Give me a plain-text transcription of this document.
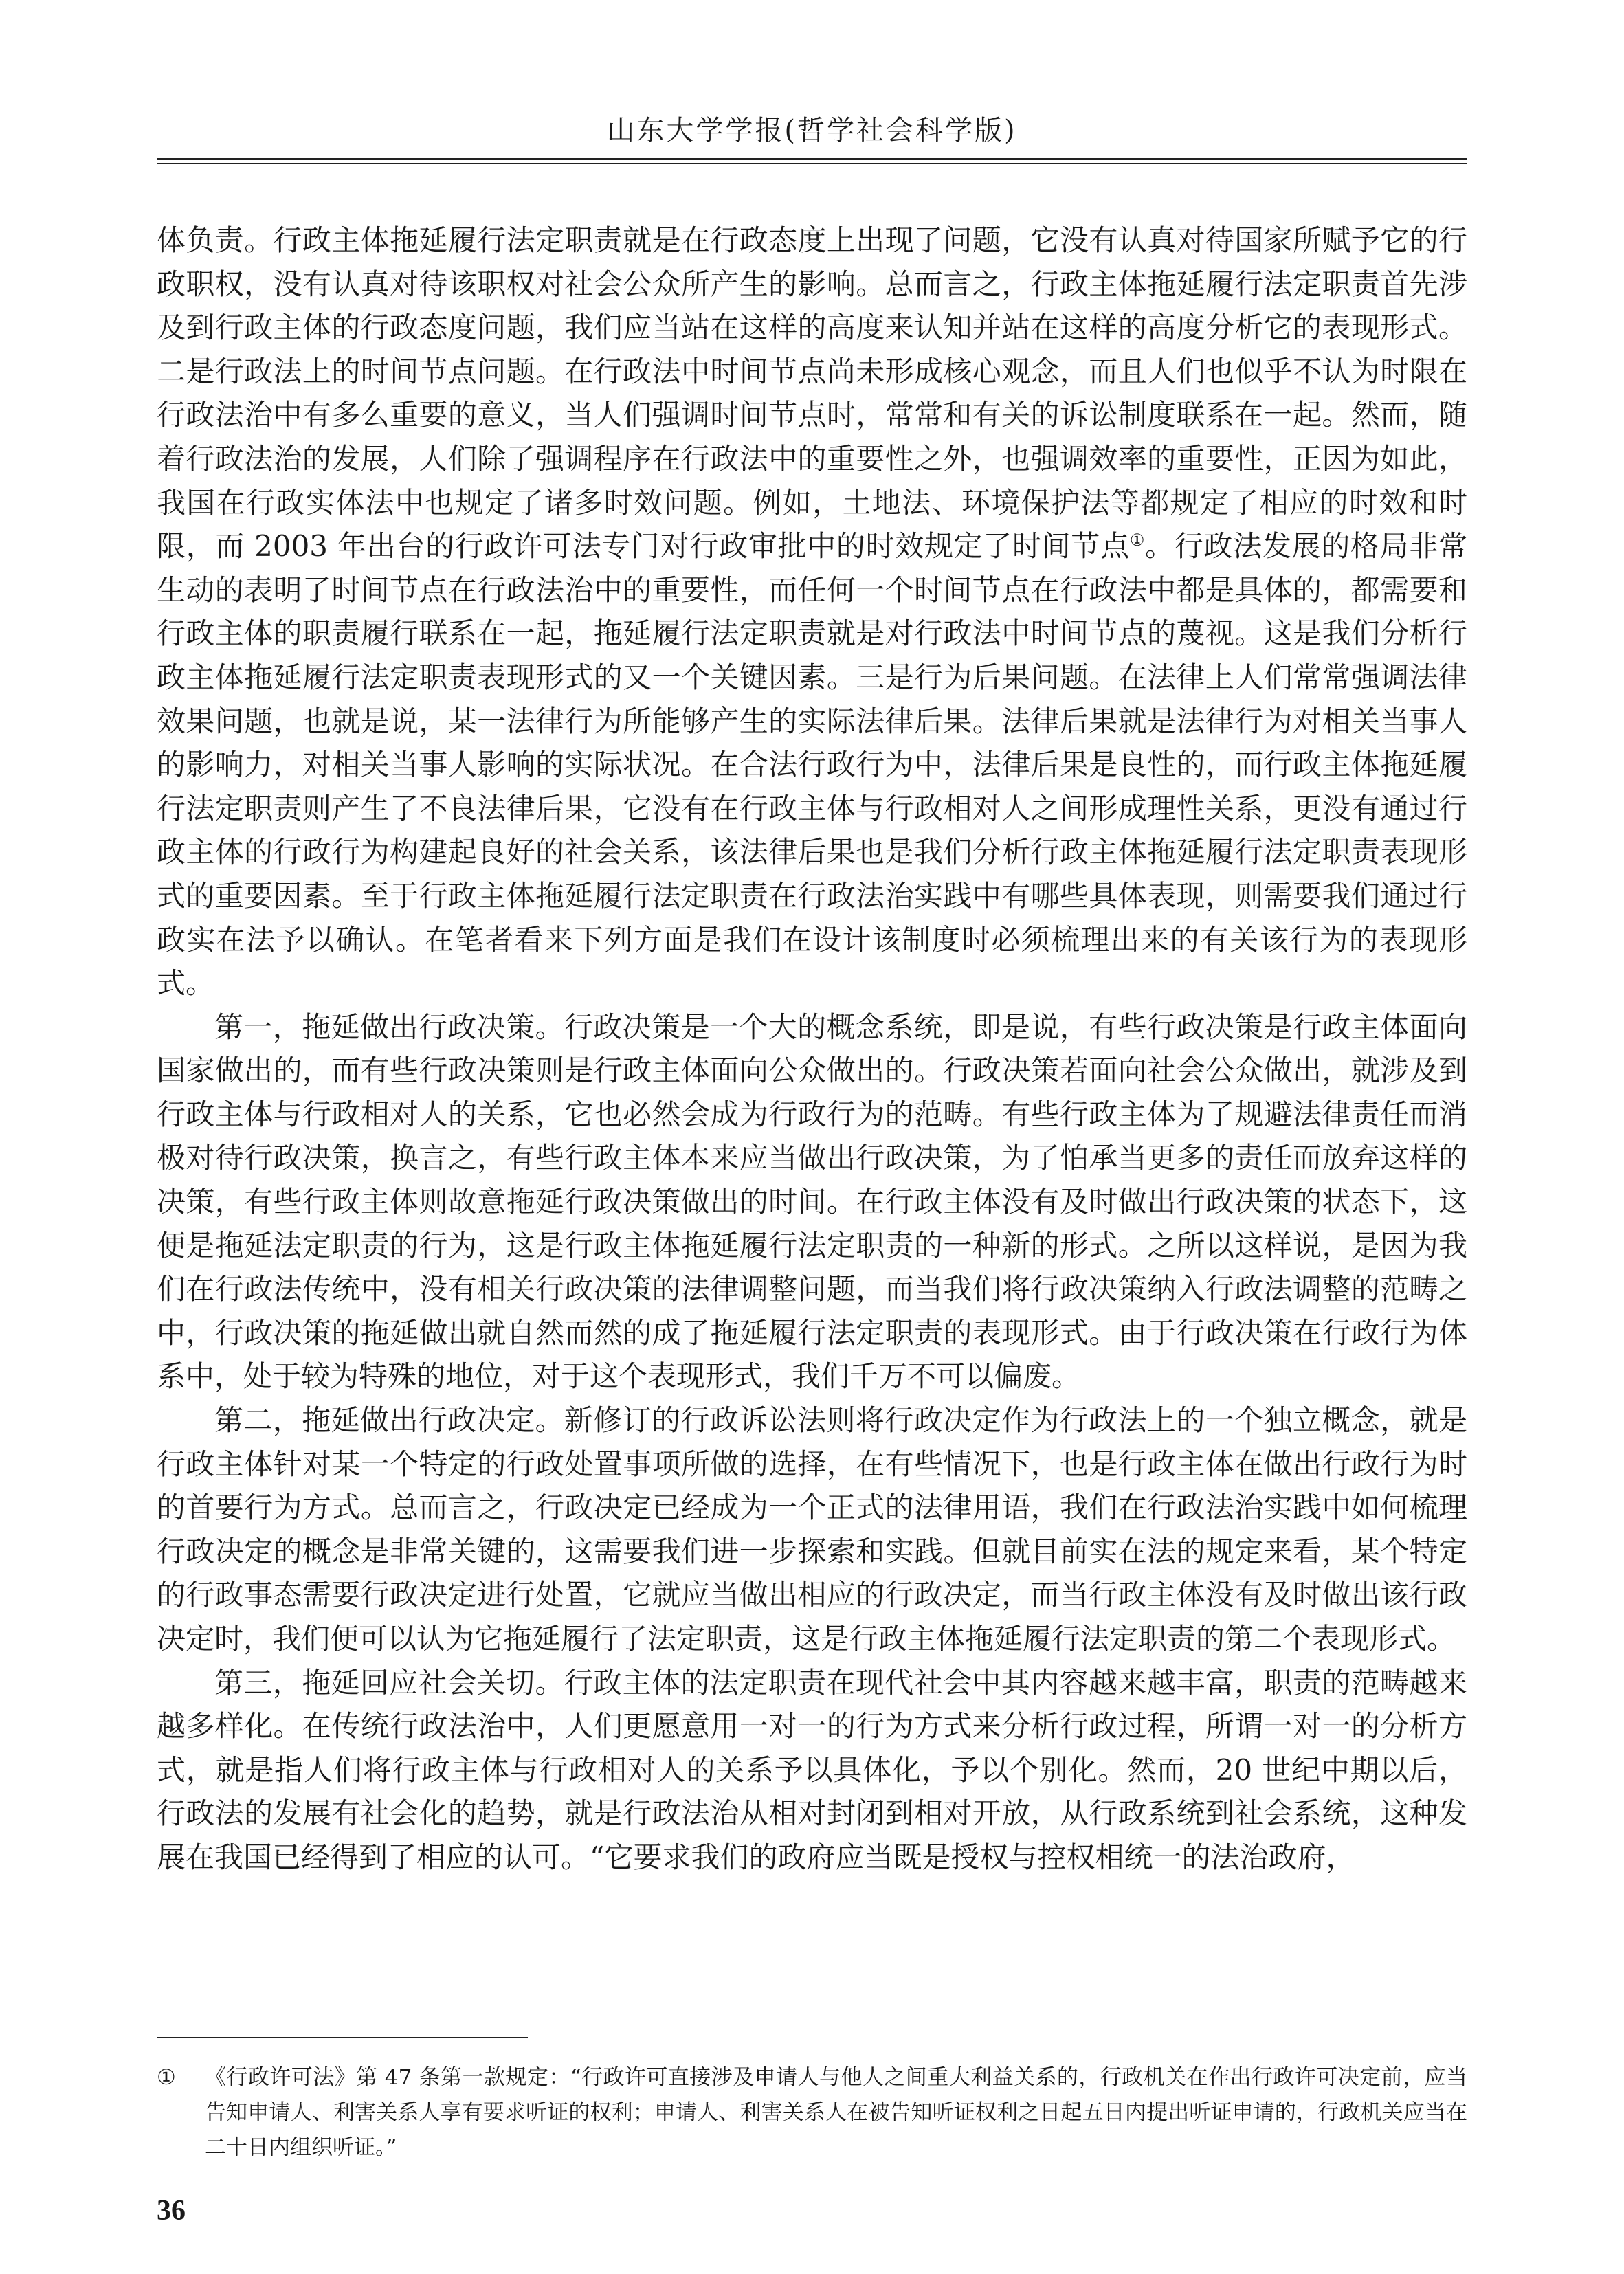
山东大学学报(哲学社会科学版)

体负责。行政主体拖延履行法定职责就是在行政态度上出现了问题，它没有认真对待国家所赋予它的行政职权，没有认真对待该职权对社会公众所产生的影响。总而言之，行政主体拖延履行法定职责首先涉及到行政主体的行政态度问题，我们应当站在这样的高度来认知并站在这样的高度分析它的表现形式。二是行政法上的时间节点问题。在行政法中时间节点尚未形成核心观念，而且人们也似乎不认为时限在行政法治中有多么重要的意义，当人们强调时间节点时，常常和有关的诉讼制度联系在一起。然而，随着行政法治的发展，人们除了强调程序在行政法中的重要性之外，也强调效率的重要性，正因为如此，我国在行政实体法中也规定了诸多时效问题。例如，土地法、环境保护法等都规定了相应的时效和时限，而 2003 年出台的行政许可法专门对行政审批中的时效规定了时间节点①。行政法发展的格局非常生动的表明了时间节点在行政法治中的重要性，而任何一个时间节点在行政法中都是具体的，都需要和行政主体的职责履行联系在一起，拖延履行法定职责就是对行政法中时间节点的蔑视。这是我们分析行政主体拖延履行法定职责表现形式的又一个关键因素。三是行为后果问题。在法律上人们常常强调法律效果问题，也就是说，某一法律行为所能够产生的实际法律后果。法律后果就是法律行为对相关当事人的影响力，对相关当事人影响的实际状况。在合法行政行为中，法律后果是良性的，而行政主体拖延履行法定职责则产生了不良法律后果，它没有在行政主体与行政相对人之间形成理性关系，更没有通过行政主体的行政行为构建起良好的社会关系，该法律后果也是我们分析行政主体拖延履行法定职责表现形式的重要因素。至于行政主体拖延履行法定职责在行政法治实践中有哪些具体表现，则需要我们通过行政实在法予以确认。在笔者看来下列方面是我们在设计该制度时必须梳理出来的有关该行为的表现形式。

第一，拖延做出行政决策。行政决策是一个大的概念系统，即是说，有些行政决策是行政主体面向国家做出的，而有些行政决策则是行政主体面向公众做出的。行政决策若面向社会公众做出，就涉及到行政主体与行政相对人的关系，它也必然会成为行政行为的范畴。有些行政主体为了规避法律责任而消极对待行政决策，换言之，有些行政主体本来应当做出行政决策，为了怕承当更多的责任而放弃这样的决策，有些行政主体则故意拖延行政决策做出的时间。在行政主体没有及时做出行政决策的状态下，这便是拖延法定职责的行为，这是行政主体拖延履行法定职责的一种新的形式。之所以这样说，是因为我们在行政法传统中，没有相关行政决策的法律调整问题，而当我们将行政决策纳入行政法调整的范畴之中，行政决策的拖延做出就自然而然的成了拖延履行法定职责的表现形式。由于行政决策在行政行为体系中，处于较为特殊的地位，对于这个表现形式，我们千万不可以偏废。

第二，拖延做出行政决定。新修订的行政诉讼法则将行政决定作为行政法上的一个独立概念，就是行政主体针对某一个特定的行政处置事项所做的选择，在有些情况下，也是行政主体在做出行政行为时的首要行为方式。总而言之，行政决定已经成为一个正式的法律用语，我们在行政法治实践中如何梳理行政决定的概念是非常关键的，这需要我们进一步探索和实践。但就目前实在法的规定来看，某个特定的行政事态需要行政决定进行处置，它就应当做出相应的行政决定，而当行政主体没有及时做出该行政决定时，我们便可以认为它拖延履行了法定职责，这是行政主体拖延履行法定职责的第二个表现形式。

第三，拖延回应社会关切。行政主体的法定职责在现代社会中其内容越来越丰富，职责的范畴越来越多样化。在传统行政法治中，人们更愿意用一对一的行为方式来分析行政过程，所谓一对一的分析方式，就是指人们将行政主体与行政相对人的关系予以具体化，予以个别化。然而，20 世纪中期以后，行政法的发展有社会化的趋势，就是行政法治从相对封闭到相对开放，从行政系统到社会系统，这种发展在我国已经得到了相应的认可。“它要求我们的政府应当既是授权与控权相统一的法治政府，

① 《行政许可法》第 47 条第一款规定：“行政许可直接涉及申请人与他人之间重大利益关系的，行政机关在作出行政许可决定前，应当告知申请人、利害关系人享有要求听证的权利；申请人、利害关系人在被告知听证权利之日起五日内提出听证申请的，行政机关应当在二十日内组织听证。”
36
